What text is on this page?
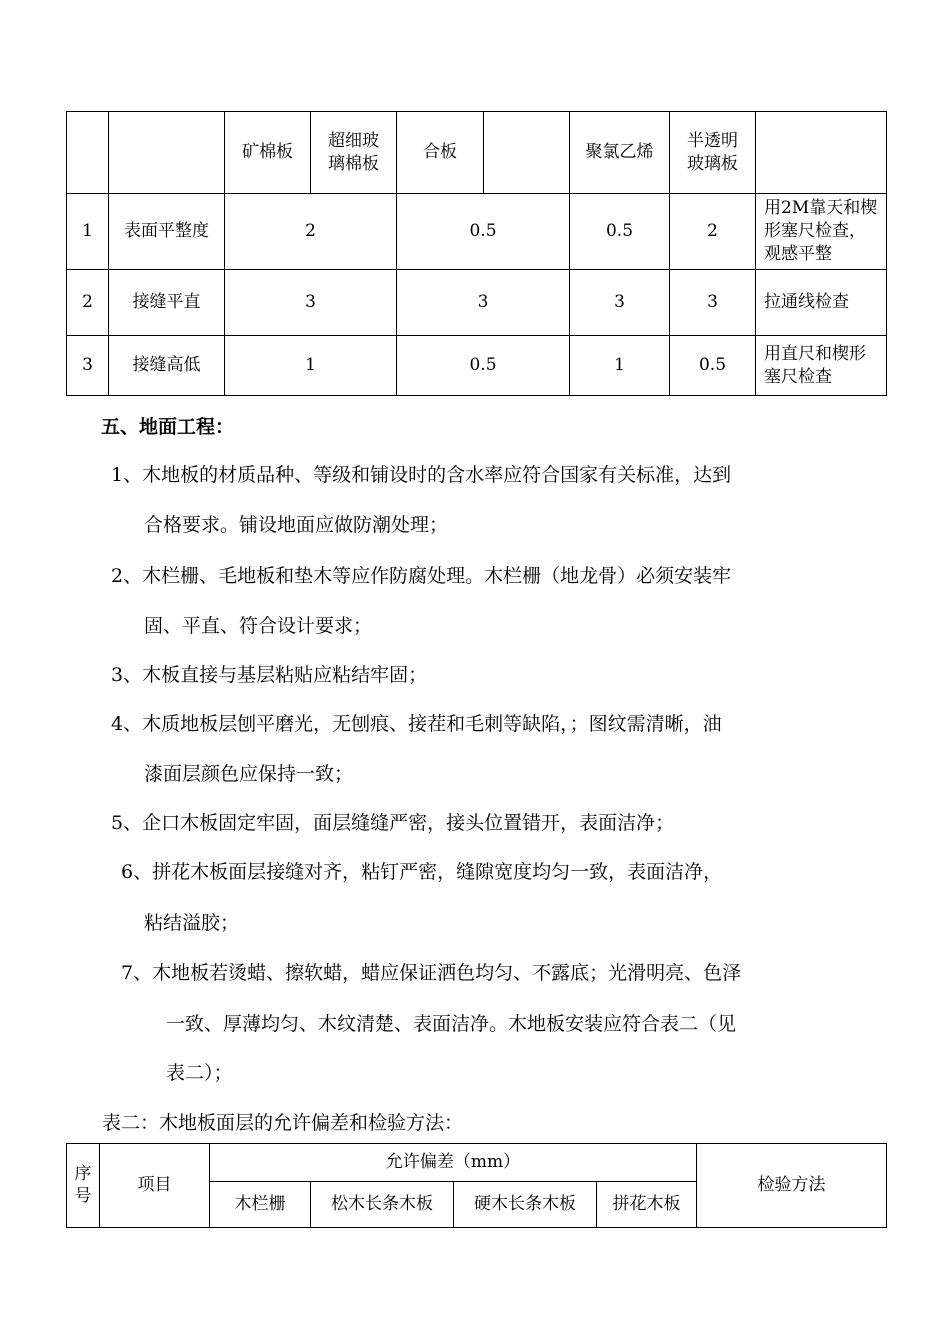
		矿棉板	超细玻璃棉板	合板		聚氯乙烯	半透明玻璃板	
1	表面平整度	2		0.5		0.5	2	用2M靠天和楔形塞尺检查，观感平整
2	接缝平直	3		3		3	3	拉通线检查
3	接缝高低	1		0.5		1	0.5	用直尺和楔形塞尺检查
五、地面工程：
1、木地板的材质品种、等级和铺设时的含水率应符合国家有关标准，达到
合格要求。铺设地面应做防潮处理；
2、木栏栅、毛地板和垫木等应作防腐处理。木栏栅（地龙骨）必须安装牢
固、平直、符合设计要求；
3、木板直接与基层粘贴应粘结牢固；
4、木质地板层刨平磨光，无刨痕、接茬和毛刺等缺陷，；图纹需清晰，油
漆面层颜色应保持一致；
5、企口木板固定牢固，面层缝缝严密，接头位置错开，表面洁净；
6、拼花木板面层接缝对齐，粘钉严密，缝隙宽度均匀一致，表面洁净，
粘结溢胶；
7、木地板若烫蜡、擦软蜡，蜡应保证洒色均匀、不露底；光滑明亮、色泽
一致、厚薄均匀、木纹清楚、表面洁净。木地板安装应符合表二（见
表二）；
表二：木地板面层的允许偏差和检验方法：
序号	项目	允许偏差（mm）				检验方法
		木栏栅	松木长条木板	硬木长条木板	拼花木板	
